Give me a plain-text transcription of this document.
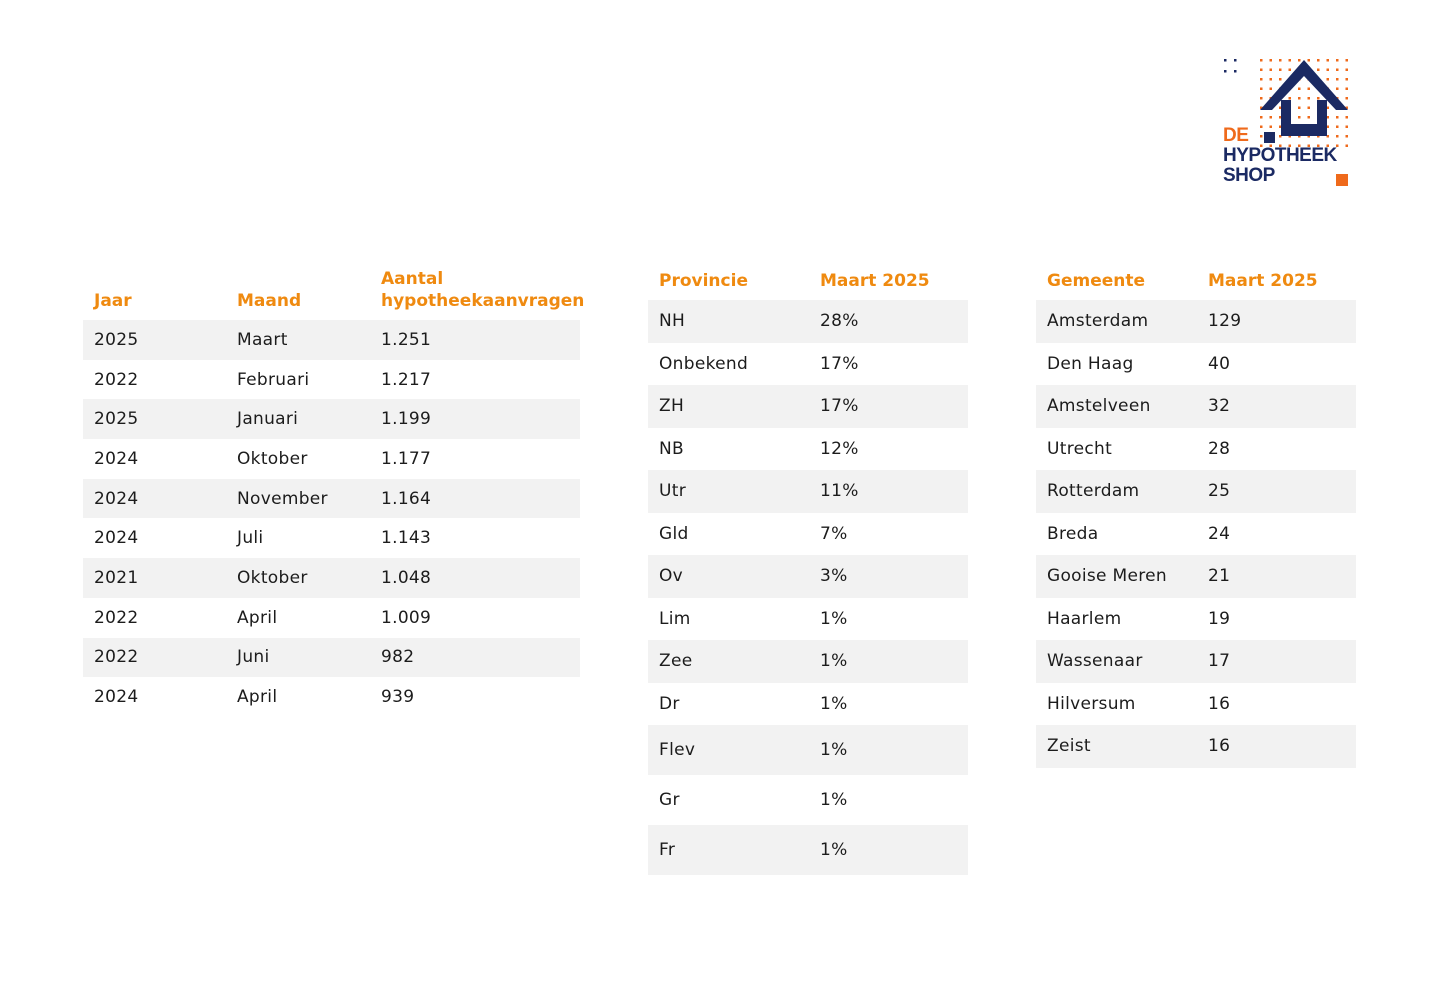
DE
HYPOTHEEK
SHOP
Jaar	Maand
Aantal hypotheekaanvragen
2025	Maart	1.251
2022	Februari	1.217
2025	Januari	1.199
2024	Oktober	1.177
2024	November	1.164
2024	Juli	1.143
2021	Oktober	1.048
2022	April	1.009
2022	Juni	982
2024	April	939
Provincie	Maart 2025
NH	28%
Onbekend	17%
ZH	17%
NB	12%
Utr	11%
Gld	7%
Ov	3%
Lim	1%
Zee	1%
Dr	1%
Flev	1%
Gr	1%
Fr	1%
Gemeente	Maart 2025
Amsterdam	129
Den Haag	40
Amstelveen	32
Utrecht	28
Rotterdam	25
Breda	24
Gooise Meren 21
Haarlem	19
Wassenaar	17
Hilversum	16
Zeist	16
